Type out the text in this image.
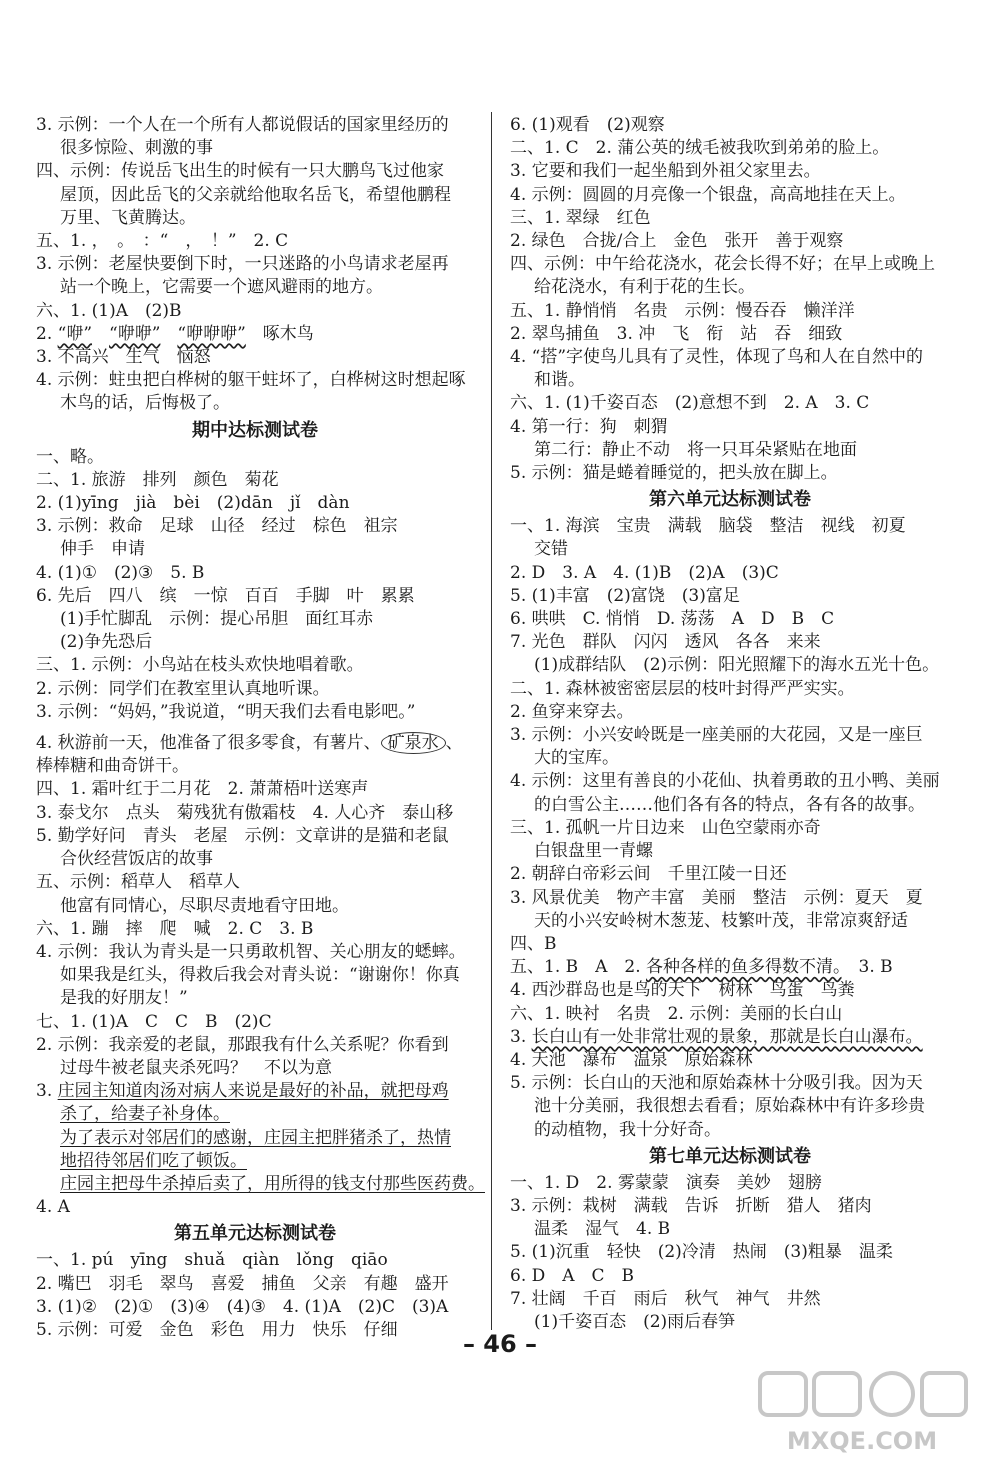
3. 示例：一个人在一个所有人都说假话的国家里经历的
很多惊险、刺激的事
四、示例：传说岳飞出生的时候有一只大鹏鸟飞过他家
屋顶，因此岳飞的父亲就给他取名岳飞，希望他鹏程
万里、飞黄腾达。
五、1. ，　。　：“　，　！”　2. C
3. 示例：老屋快要倒下时，一只迷路的小鸟请求老屋再
站一个晚上，它需要一个遮风避雨的地方。
六、1. (1)A　(2)B
2. “咿”　 “咿咿”　 “咿咿咿”　啄木鸟
3. 不高兴　生气　恼怒
4. 示例：蛀虫把白桦树的躯干蛀坏了，白桦树这时想起啄
木鸟的话，后悔极了。
期中达标测试卷
一、略。
二、1. 旅游　排列　颜色　菊花
2. (1)yīng　jià　bèi　(2)dān　jǐ　dàn
3. 示例：救命　足球　山径　经过　棕色　祖宗
伸手　申请
4. (1)①　(2)③　5. B
6. 先后　四八　缤　一惊　百百　手脚　叶　累累
(1)手忙脚乱　示例：提心吊胆　面红耳赤
(2)争先恐后
三、1. 示例：小鸟站在枝头欢快地唱着歌。
2. 示例：同学们在教室里认真地听课。
3. 示例：“妈妈，”我说道，“明天我们去看电影吧。”
4. 秋游前一天，他准备了很多零食，有薯片、 矿泉水 、
棒棒糖和曲奇饼干。
四、1. 霜叶红于二月花　2. 萧萧梧叶送寒声
3. 泰戈尔　点头　菊残犹有傲霜枝　4. 人心齐　泰山移
5. 勤学好问　青头　老屋　示例：文章讲的是猫和老鼠
合伙经营饭店的故事
五、示例：稻草人　稻草人
他富有同情心，尽职尽责地看守田地。
六、1. 蹦　摔　爬　喊　2. C　3. B
4. 示例：我认为青头是一只勇敢机智、关心朋友的蟋蟀。
如果我是红头，得救后我会对青头说：“谢谢你！你真
是我的好朋友！”
七、1. (1)A　C　C　B　(2)C
2. 示例：我亲爱的老鼠，那跟我有什么关系呢？你看到
过母牛被老鼠夹杀死吗？　不以为意
3. 庄园主知道肉汤对病人来说是最好的补品，就把母鸡
杀了，给妻子补身体。
为了表示对邻居们的感谢，庄园主把胖猪杀了，热情
地招待邻居们吃了顿饭。
庄园主把母牛杀掉后卖了，用所得的钱支付那些医药费。
4. A
第五单元达标测试卷
一、1. pú　yīng　shuǎ　qiàn　lǒng　qiāo
2. 嘴巴　羽毛　翠鸟　喜爱　捕鱼　父亲　有趣　盛开
3. (1)②　(2)①　(3)④　(4)③　4. (1)A　(2)C　(3)A
5. 示例：可爱　金色　彩色　用力　快乐　仔细
6. (1)观看　(2)观察
二、1. C　2. 蒲公英的绒毛被我吹到弟弟的脸上。
3. 它要和我们一起坐船到外祖父家里去。
4. 示例：圆圆的月亮像一个银盘，高高地挂在天上。
三、1. 翠绿　红色
2. 绿色　合拢/合上　金色　张开　善于观察
四、示例：中午给花浇水，花会长得不好；在早上或晚上
给花浇水，有利于花的生长。
五、1. 静悄悄　名贵　示例：慢吞吞　懒洋洋
2. 翠鸟捕鱼　3. 冲　飞　衔　站　吞　细致
4. “搭”字使鸟儿具有了灵性，体现了鸟和人在自然中的
和谐。
六、1. (1)千姿百态　(2)意想不到　2. A　3. C
4. 第一行：狗　刺猬
第二行：静止不动　将一只耳朵紧贴在地面
5. 示例：猫是蜷着睡觉的，把头放在脚上。
第六单元达标测试卷
一、1. 海滨　宝贵　满载　脑袋　整洁　视线　初夏
交错
2. D　3. A　4. (1)B　(2)A　(3)C
5. (1)丰富　(2)富饶　(3)富足
6. 哄哄　C. 悄悄　D. 荡荡　A　D　B　C
7. 光色　群队　闪闪　透风　各各　来来
(1)成群结队　(2)示例：阳光照耀下的海水五光十色。
二、1. 森林被密密层层的枝叶封得严严实实。
2. 鱼穿来穿去。
3. 示例：小兴安岭既是一座美丽的大花园，又是一座巨
大的宝库。
4. 示例：这里有善良的小花仙、执着勇敢的丑小鸭、美丽
的白雪公主……他们各有各的特点，各有各的故事。
三、1. 孤帆一片日边来　山色空蒙雨亦奇
白银盘里一青螺
2. 朝辞白帝彩云间　千里江陵一日还
3. 风景优美　物产丰富　美丽　整洁　示例：夏天　夏
天的小兴安岭树木葱茏、枝繁叶茂，非常凉爽舒适
四、B
五、1. B　A　2. 各种各样的鱼多得数不清。　3. B
4. 西沙群岛也是鸟的天下　树林　鸟蛋　鸟粪
六、1. 映衬　名贵　2. 示例：美丽的长白山
3. 长白山有一处非常壮观的景象，那就是长白山瀑布。
4. 天池　瀑布　温泉　原始森林
5. 示例：长白山的天池和原始森林十分吸引我。因为天
池十分美丽，我很想去看看；原始森林中有许多珍贵
的动植物，我十分好奇。
第七单元达标测试卷
一、1. D　2. 雾蒙蒙　演奏　美妙　翅膀
3. 示例：栽树　满载　告诉　折断　猎人　猪肉
温柔　湿气　4. B
5. (1)沉重　轻快　(2)冷清　热闹　(3)粗暴　温柔
6. D　A　C　B
7. 壮阔　千百　雨后　秋气　神气　井然
(1)千姿百态　(2)雨后春笋
– 46 –
MXQE.COM
